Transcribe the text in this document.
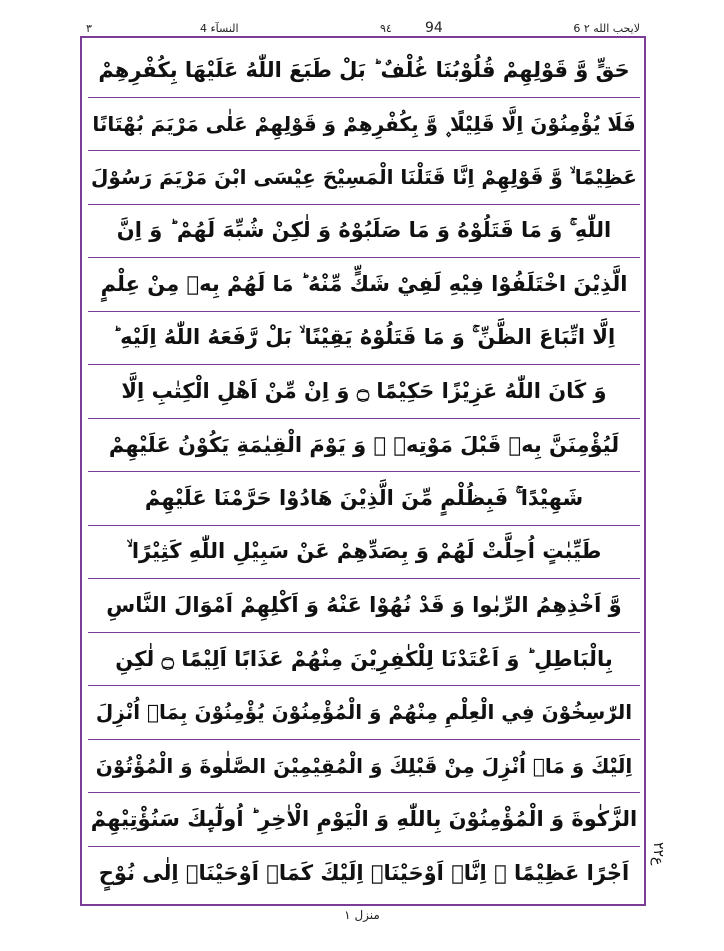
6 لايحب الله ٢
94
٩٤
4 النسآء
٣
حَقٍّ وَّ قَوْلِهِمْ قُلُوْبُنَا غُلْفٌ ؕ بَلْ طَبَعَ اللّٰهُ عَلَيْهَا بِكُفْرِهِمْ
فَلَا يُؤْمِنُوْنَ اِلَّا قَلِيْلًا ۪ وَّ بِكُفْرِهِمْ وَ قَوْلِهِمْ عَلٰى مَرْيَمَ بُهْتَانًا
عَظِيْمًا ۙ وَّ قَوْلِهِمْ اِنَّا قَتَلْنَا الْمَسِيْحَ عِيْسَى ابْنَ مَرْيَمَ رَسُوْلَ
اللّٰهِ ۚ وَ مَا قَتَلُوْهُ وَ مَا صَلَبُوْهُ وَ لٰكِنْ شُبِّهَ لَهُمْ ؕ وَ اِنَّ
الَّذِيْنَ اخْتَلَفُوْا فِيْهِ لَفِيْ شَكٍّ مِّنْهُ ؕ مَا لَهُمْ بِهٖ مِنْ عِلْمٍ
اِلَّا اتِّبَاعَ الظَّنِّ ۚ وَ مَا قَتَلُوْهُ يَقِيْنًا ۙ بَلْ رَّفَعَهُ اللّٰهُ اِلَيْهِ ؕ
وَ كَانَ اللّٰهُ عَزِيْزًا حَكِيْمًا ۝ وَ اِنْ مِّنْ اَهْلِ الْكِتٰبِ اِلَّا
لَيُؤْمِنَنَّ بِهٖ قَبْلَ مَوْتِهٖ ۚ وَ يَوْمَ الْقِيٰمَةِ يَكُوْنُ عَلَيْهِمْ
شَهِيْدًا ۚ فَبِظُلْمٍ مِّنَ الَّذِيْنَ هَادُوْا حَرَّمْنَا عَلَيْهِمْ
طَيِّبٰتٍ اُحِلَّتْ لَهُمْ وَ بِصَدِّهِمْ عَنْ سَبِيْلِ اللّٰهِ كَثِيْرًا ۙ
وَّ اَخْذِهِمُ الرِّبٰوا وَ قَدْ نُهُوْا عَنْهُ وَ اَكْلِهِمْ اَمْوَالَ النَّاسِ
بِالْبَاطِلِ ؕ وَ اَعْتَدْنَا لِلْكٰفِرِيْنَ مِنْهُمْ عَذَابًا اَلِيْمًا ۝ لٰكِنِ
الرّٰسِخُوْنَ فِي الْعِلْمِ مِنْهُمْ وَ الْمُؤْمِنُوْنَ يُؤْمِنُوْنَ بِمَاۤ اُنْزِلَ
اِلَيْكَ وَ مَاۤ اُنْزِلَ مِنْ قَبْلِكَ وَ الْمُقِيْمِيْنَ الصَّلٰوةَ وَ الْمُؤْتُوْنَ
الزَّكٰوةَ وَ الْمُؤْمِنُوْنَ بِاللّٰهِ وَ الْيَوْمِ الْاٰخِرِ ؕ اُولٰٓىِٕكَ سَنُؤْتِيْهِمْ
اَجْرًا عَظِيْمًا ۠ اِنَّاۤ اَوْحَيْنَاۤ اِلَيْكَ كَمَاۤ اَوْحَيْنَاۤ اِلٰى نُوْحٍ
ع٢٢
منزل ١
